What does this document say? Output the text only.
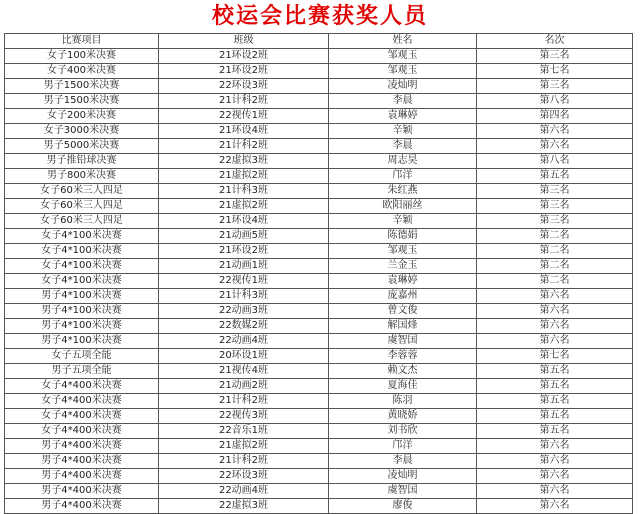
校运会比赛获奖人员
比赛项目	班级	姓名	名次
女子100米决赛	21环设2班	邹观玉	第三名
女子400米决赛	21环设2班	邹观玉	第七名
男子1500米决赛	22环设3班	凌灿明	第三名
男子1500米决赛	21计科2班	李晨	第八名
女子200米决赛	22视传1班	袁琳婷	第四名
女子3000米决赛	21环设4班	辛颖	第六名
男子5000米决赛	21计科2班	李晨	第六名
男子推铅球决赛	22虚拟3班	周志昊	第八名
男子800米决赛	21虚拟2班	邝洋	第五名
女子60米三人四足	21计科3班	朱红燕	第三名
女子60米三人四足	21虚拟2班	欧阳丽丝	第三名
女子60米三人四足	21环设4班	辛颖	第三名
女子4*100米决赛	21动画5班	陈德娟	第二名
女子4*100米决赛	21环设2班	邹观玉	第二名
女子4*100米决赛	21动画1班	兰金玉	第二名
女子4*100米决赛	22视传1班	袁琳婷	第二名
男子4*100米决赛	21计科3班	庞嘉州	第六名
男子4*100米决赛	22动画3班	曾文俊	第六名
男子4*100米决赛	22数媒2班	解国烽	第六名
男子4*100米决赛	22动画4班	虞智国	第六名
女子五项全能	20环设1班	李蓉蓉	第七名
男子五项全能	21视传4班	赖文杰	第五名
女子4*400米决赛	21动画2班	夏海佳	第五名
女子4*400米决赛	21计科2班	陈羽	第五名
女子4*400米决赛	22视传3班	黄晓娇	第五名
女子4*400米决赛	22音乐1班	刘书欣	第五名
男子4*400米决赛	21虚拟2班	邝洋	第六名
男子4*400米决赛	21计科2班	李晨	第六名
男子4*400米决赛	22环设3班	凌灿明	第六名
男子4*400米决赛	22动画4班	虞智国	第六名
男子4*400米决赛	22虚拟3班	廖俊	第六名
